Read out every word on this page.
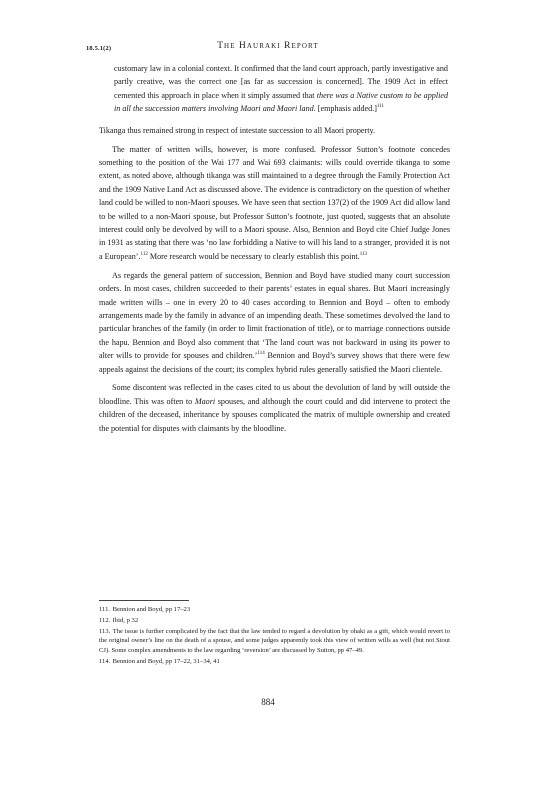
18.5.1(2)	The Hauraki Report

customary law in a colonial context. It confirmed that the land court approach, partly investigative and partly creative, was the correct one [as far as succession is concerned]. The 1909 Act in effect cemented this approach in place when it simply assumed that there was a Native custom to be applied in all the succession matters involving Maori and Maori land. [emphasis added.]$^{111}$

Tikanga thus remained strong in respect of intestate succession to all Maori property.

The matter of written wills, however, is more confused. Professor Sutton’s footnote concedes something to the position of the Wai 177 and Wai 693 claimants: wills could override tikanga to some extent, as noted above, although tikanga was still maintained to a degree through the Family Protection Act and the 1909 Native Land Act as discussed above. The evidence is contradictory on the question of whether land could be willed to non-Maori spouses. We have seen that section 137(2) of the 1909 Act did allow land to be willed to a non-Maori spouse, but Professor Sutton’s footnote, just quoted, suggests that an absolute interest could only be devolved by will to a Maori spouse. Also, Bennion and Boyd cite Chief Judge Jones in 1931 as stating that there was ‘no law forbidding a Native to will his land to a stranger, provided it is not a European’.$^{112}$ More research would be necessary to clearly establish this point.$^{113}$

As regards the general pattern of succession, Bennion and Boyd have studied many court succession orders. In most cases, children succeeded to their parents’ estates in equal shares. But Maori increasingly made written wills – one in every 20 to 40 cases according to Bennion and Boyd – often to embody arrangements made by the family in advance of an impending death. These sometimes devolved the land to particular branches of the family (in order to limit fractionation of title), or to marriage connections outside the hapu. Bennion and Boyd also comment that ‘The land court was not backward in using its power to alter wills to provide for spouses and children.’$^{114}$ Bennion and Boyd’s survey shows that there were few appeals against the decisions of the court; its complex hybrid rules generally satisfied the Maori clientele.

Some discontent was reflected in the cases cited to us about the devolution of land by will outside the bloodline. This was often to Maori spouses, and although the court could and did intervene to protect the children of the deceased, inheritance by spouses complicated the matrix of multiple ownership and created the potential for disputes with claimants by the bloodline.

111. Bennion and Boyd, pp 17–23

112. Ibid, p 32

113. The issue is further complicated by the fact that the law tended to regard a devolution by ohaki as a gift, which would revert to the original owner’s line on the death of a spouse, and some judges apparently took this view of written wills as well (but not Stout CJ). Some complex amendments to the law regarding ‘reversion’ are discussed by Sutton, pp 47–49.

114. Bennion and Boyd, pp 17–22, 31–34, 41

884
